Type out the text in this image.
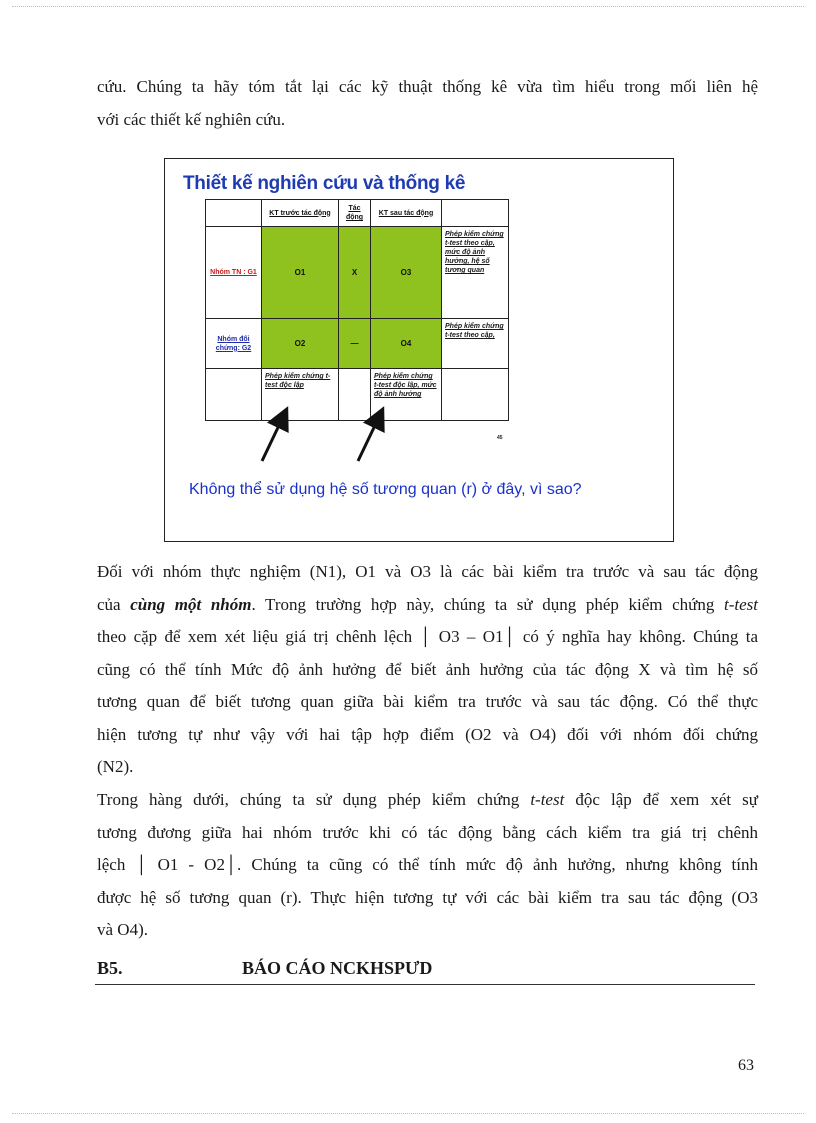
cứu. Chúng ta hãy tóm tắt lại các kỹ thuật thống kê vừa tìm hiểu trong mối liên hệ
với các thiết kế nghiên cứu.
Thiết kế nghiên cứu và thống kê
	KT trước tác động	Tác động	KT sau tác động	
Nhóm TN : G1	O1	X	O3	Phép kiểm chứng t-test theo cặp, mức độ ảnh hưởng, hệ số tương quan
Nhóm đối chứng: G2	O2	—	O4	Phép kiểm chứng t-test theo cặp,
	Phép kiểm chứng t-test độc lập		Phép kiểm chứng t-test độc lập, mức độ ảnh hưởng	
45
Không thể sử dụng hệ số tương quan (r) ở đây, vì sao?
Đối với nhóm thực nghiệm (N1), O1 và O3 là các bài kiểm tra trước và sau tác động
của cùng một nhóm. Trong trường hợp này, chúng ta sử dụng phép kiểm chứng t-test
theo cặp để xem xét liệu giá trị chênh lệch │ O3 – O1│ có ý nghĩa hay không. Chúng ta
cũng có thể tính Mức độ ảnh hưởng để biết ảnh hưởng của tác động X và tìm hệ số
tương quan để biết tương quan giữa bài kiểm tra trước và sau tác động. Có thể thực
hiện tương tự như vậy với hai tập hợp điểm (O2 và O4) đối với nhóm đối chứng
(N2).
Trong hàng dưới, chúng ta sử dụng phép kiểm chứng t-test độc lập để xem xét sự
tương đương giữa hai nhóm trước khi có tác động bằng cách kiểm tra giá trị chênh
lệch │ O1 - O2│. Chúng ta cũng có thể tính mức độ ảnh hưởng, nhưng không tính
được hệ số tương quan (r). Thực hiện tương tự với các bài kiểm tra sau tác động (O3
và O4).
B5.	BÁO CÁO NCKHSPƯD
63
